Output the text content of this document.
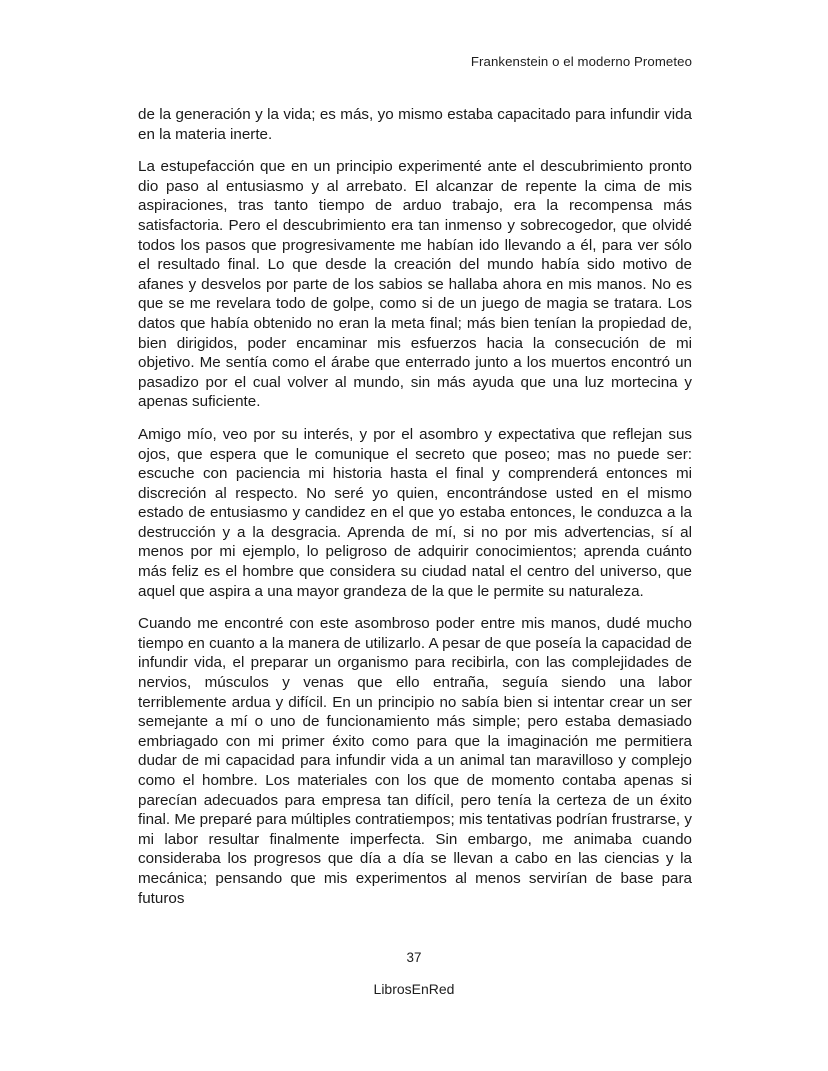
Frankenstein o el moderno Prometeo

de la generación y la vida; es más, yo mismo estaba capacitado para infundir vida en la materia inerte.

La estupefacción que en un principio experimenté ante el descubrimiento pronto dio paso al entusiasmo y al arrebato. El alcanzar de repente la cima de mis aspiraciones, tras tanto tiempo de arduo trabajo, era la recompensa más satisfactoria. Pero el descubrimiento era tan inmenso y sobrecogedor, que olvidé todos los pasos que progresivamente me habían ido llevando a él, para ver sólo el resultado final. Lo que desde la creación del mundo había sido motivo de afanes y desvelos por parte de los sabios se hallaba ahora en mis manos. No es que se me revelara todo de golpe, como si de un juego de magia se tratara. Los datos que había obtenido no eran la meta final; más bien tenían la propiedad de, bien dirigidos, poder encaminar mis esfuerzos hacia la consecución de mi objetivo. Me sentía como el árabe que enterrado junto a los muertos encontró un pasadizo por el cual volver al mundo, sin más ayuda que una luz mortecina y apenas suficiente.

Amigo mío, veo por su interés, y por el asombro y expectativa que reflejan sus ojos, que espera que le comunique el secreto que poseo; mas no puede ser: escuche con paciencia mi historia hasta el final y comprenderá entonces mi discreción al respecto. No seré yo quien, encontrándose usted en el mismo estado de entusiasmo y candidez en el que yo estaba entonces, le conduzca a la destrucción y a la desgracia. Aprenda de mí, si no por mis advertencias, sí al menos por mi ejemplo, lo peligroso de adquirir conocimientos; aprenda cuánto más feliz es el hombre que considera su ciudad natal el centro del universo, que aquel que aspira a una mayor grandeza de la que le permite su naturaleza.

Cuando me encontré con este asombroso poder entre mis manos, dudé mucho tiempo en cuanto a la manera de utilizarlo. A pesar de que poseía la capacidad de infundir vida, el preparar un organismo para recibirla, con las complejidades de nervios, músculos y venas que ello entraña, seguía siendo una labor terriblemente ardua y difícil. En un principio no sabía bien si intentar crear un ser semejante a mí o uno de funcionamiento más simple; pero estaba demasiado embriagado con mi primer éxito como para que la imaginación me permitiera dudar de mi capacidad para infundir vida a un animal tan maravilloso y complejo como el hombre. Los materiales con los que de momento contaba apenas si parecían adecuados para empresa tan difícil, pero tenía la certeza de un éxito final. Me preparé para múltiples contratiempos; mis tentativas podrían frustrarse, y mi labor resultar finalmente imperfecta. Sin embargo, me animaba cuando consideraba los progresos que día a día se llevan a cabo en las ciencias y la mecánica; pensando que mis experimentos al menos servirían de base para futuros

37
LibrosEnRed
